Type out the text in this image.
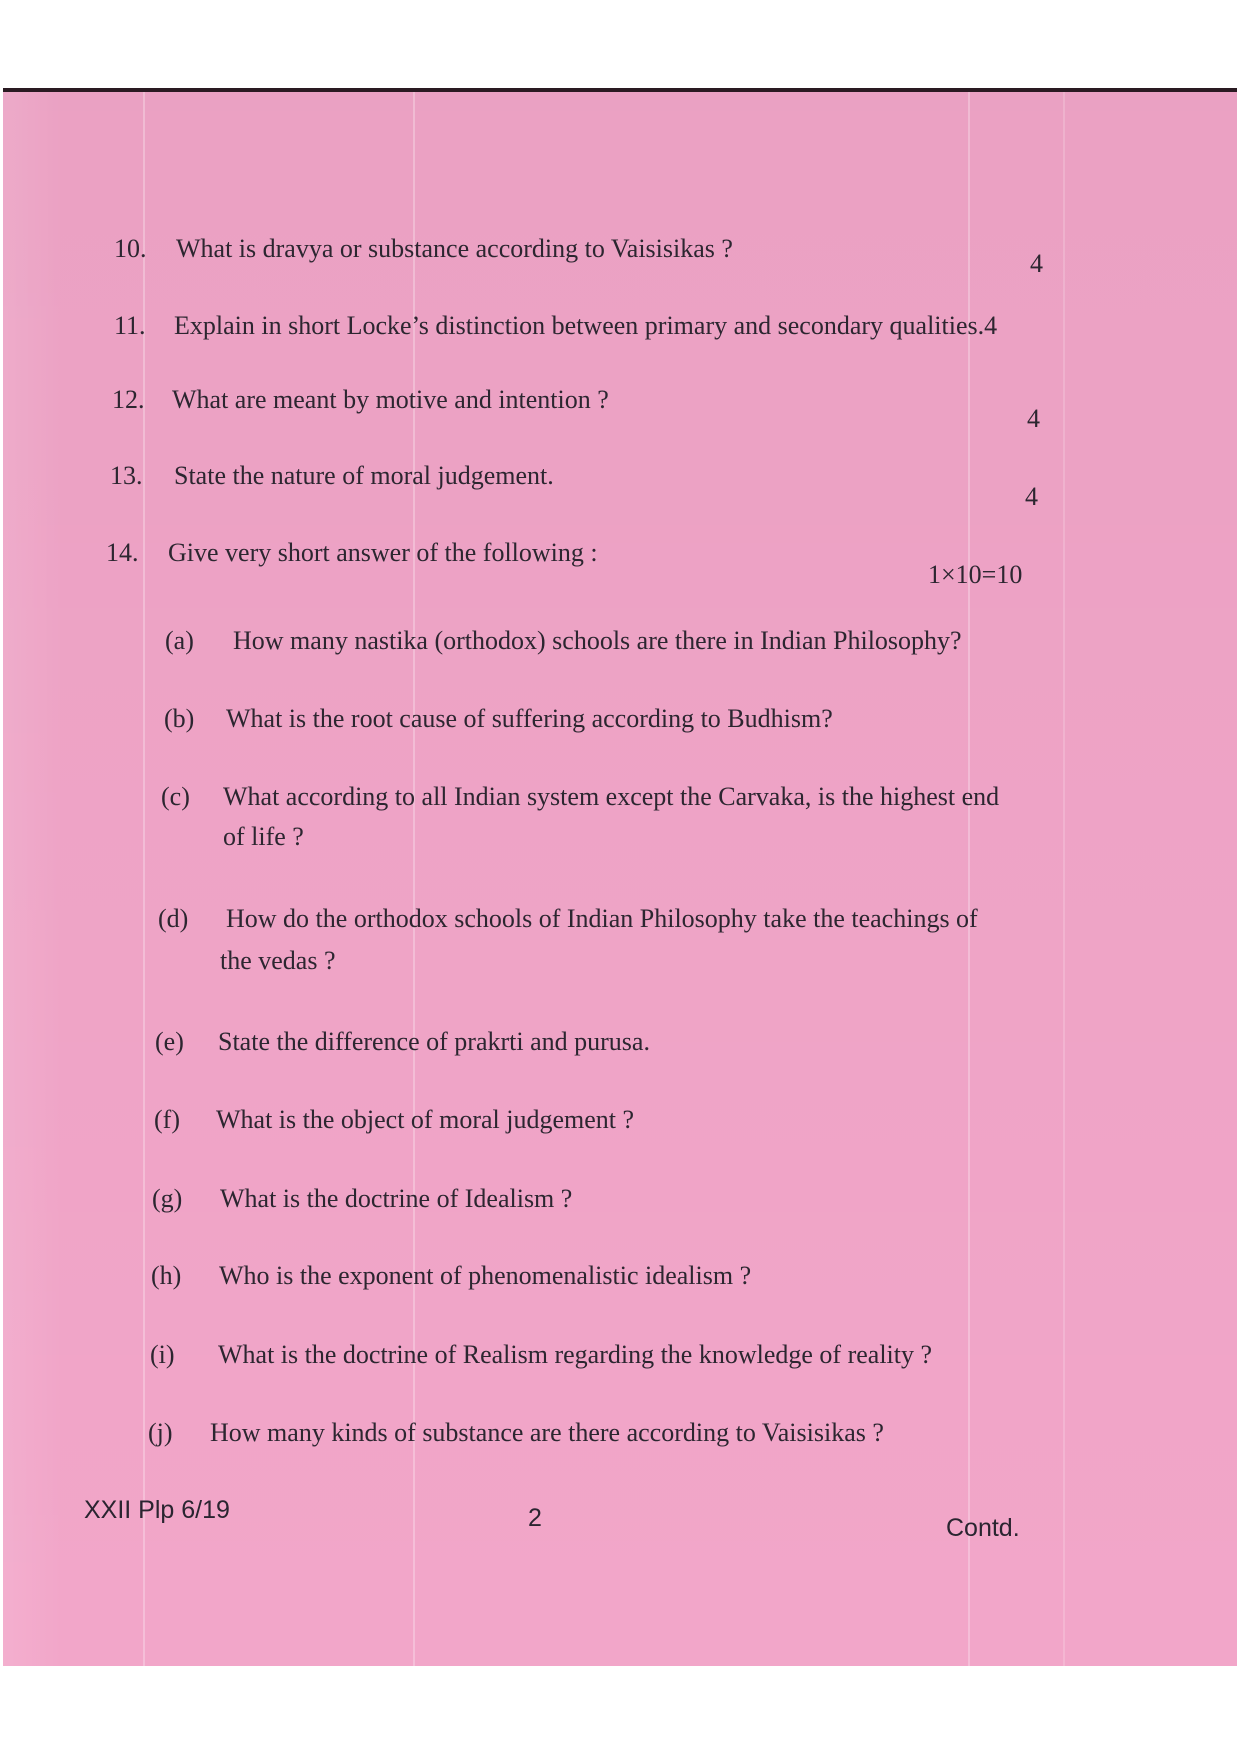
10. What is dravya or substance according to Vaisisikas ?
4
11. Explain in short Locke’s distinction between primary and secondary qualities.4
12. What are meant by motive and intention ?
4
13. State the nature of moral judgement.
4
14. Give very short answer of the following :
1×10=10
(a) How many nastika (orthodox) schools are there in Indian Philosophy?
(b) What is the root cause of suffering according to Budhism?
(c) What according to all Indian system except the Carvaka, is the highest end
of life ?
(d) How do the orthodox schools of Indian Philosophy take the teachings of
the vedas ?
(e) State the difference of prakrti and purusa.
(f) What is the object of moral judgement ?
(g) What is the doctrine of Idealism ?
(h) Who is the exponent of phenomenalistic idealism ?
(i) What is the doctrine of Realism regarding the knowledge of reality ?
(j) How many kinds of substance are there according to Vaisisikas ?
XXII Plp 6/19	2	Contd.
